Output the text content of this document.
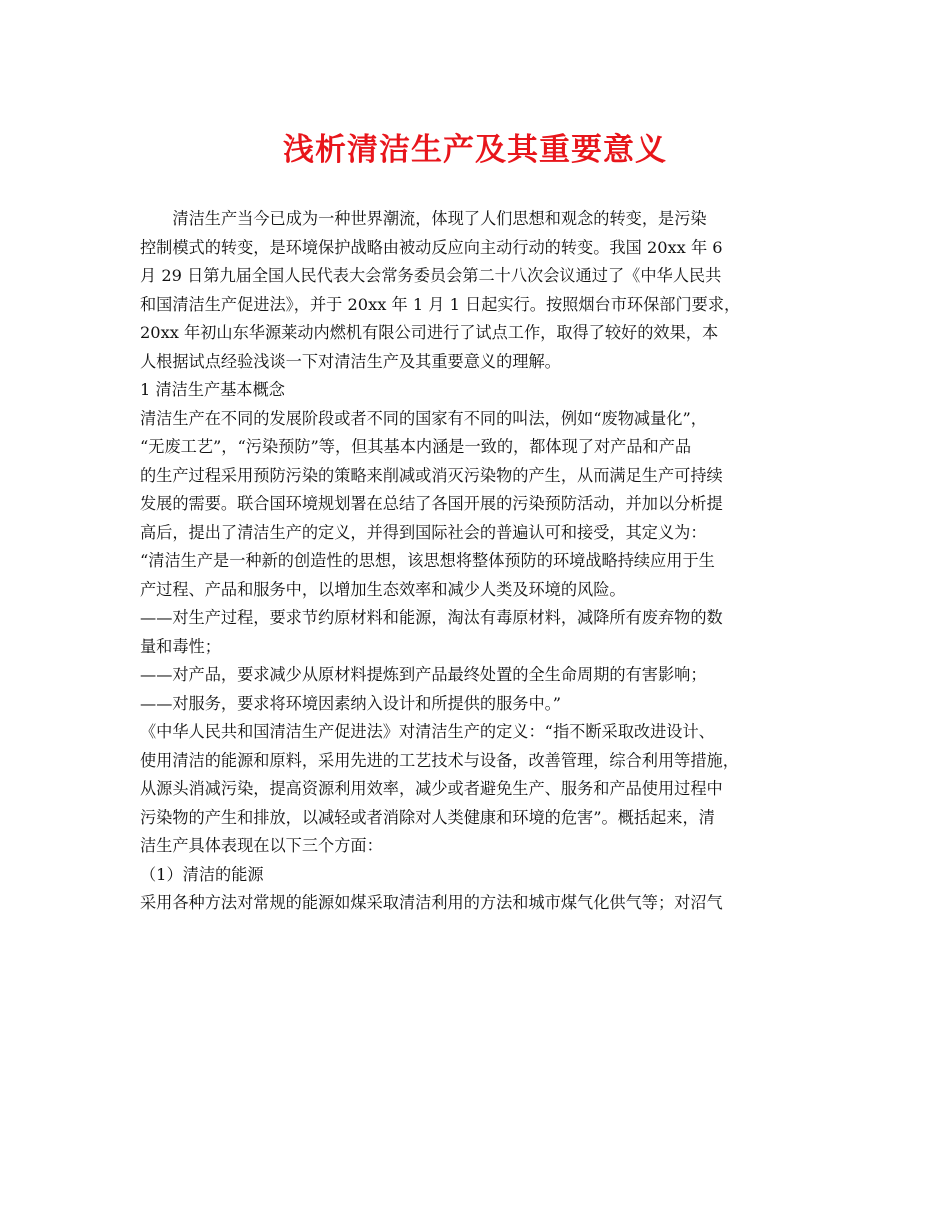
浅析清洁生产及其重要意义

清洁生产当今已成为一种世界潮流，体现了人们思想和观念的转变，是污染
控制模式的转变，是环境保护战略由被动反应向主动行动的转变。我国 20xx 年 6
月 29 日第九届全国人民代表大会常务委员会第二十八次会议通过了《中华人民共
和国清洁生产促进法》，并于 20xx 年 1 月 1 日起实行。按照烟台市环保部门要求，
20xx 年初山东华源莱动内燃机有限公司进行了试点工作，取得了较好的效果，本
人根据试点经验浅谈一下对清洁生产及其重要意义的理解。

1 清洁生产基本概念

清洁生产在不同的发展阶段或者不同的国家有不同的叫法，例如“废物减量化”，
“无废工艺”，“污染预防”等，但其基本内涵是一致的，都体现了对产品和产品
的生产过程采用预防污染的策略来削减或消灭污染物的产生，从而满足生产可持续
发展的需要。联合国环境规划署在总结了各国开展的污染预防活动，并加以分析提
高后，提出了清洁生产的定义，并得到国际社会的普遍认可和接受，其定义为：

“清洁生产是一种新的创造性的思想，该思想将整体预防的环境战略持续应用于生
产过程、产品和服务中，以增加生态效率和减少人类及环境的风险。

——对生产过程，要求节约原材料和能源，淘汰有毒原材料，减降所有废弃物的数
量和毒性；

——对产品，要求减少从原材料提炼到产品最终处置的全生命周期的有害影响；

——对服务，要求将环境因素纳入设计和所提供的服务中。”

《中华人民共和国清洁生产促进法》对清洁生产的定义：“指不断采取改进设计、
使用清洁的能源和原料，采用先进的工艺技术与设备，改善管理，综合利用等措施，
从源头消减污染，提高资源利用效率，减少或者避免生产、服务和产品使用过程中
污染物的产生和排放，以减轻或者消除对人类健康和环境的危害”。概括起来，清
洁生产具体表现在以下三个方面：

（1）清洁的能源

采用各种方法对常规的能源如煤采取清洁利用的方法和城市煤气化供气等；对沼气
